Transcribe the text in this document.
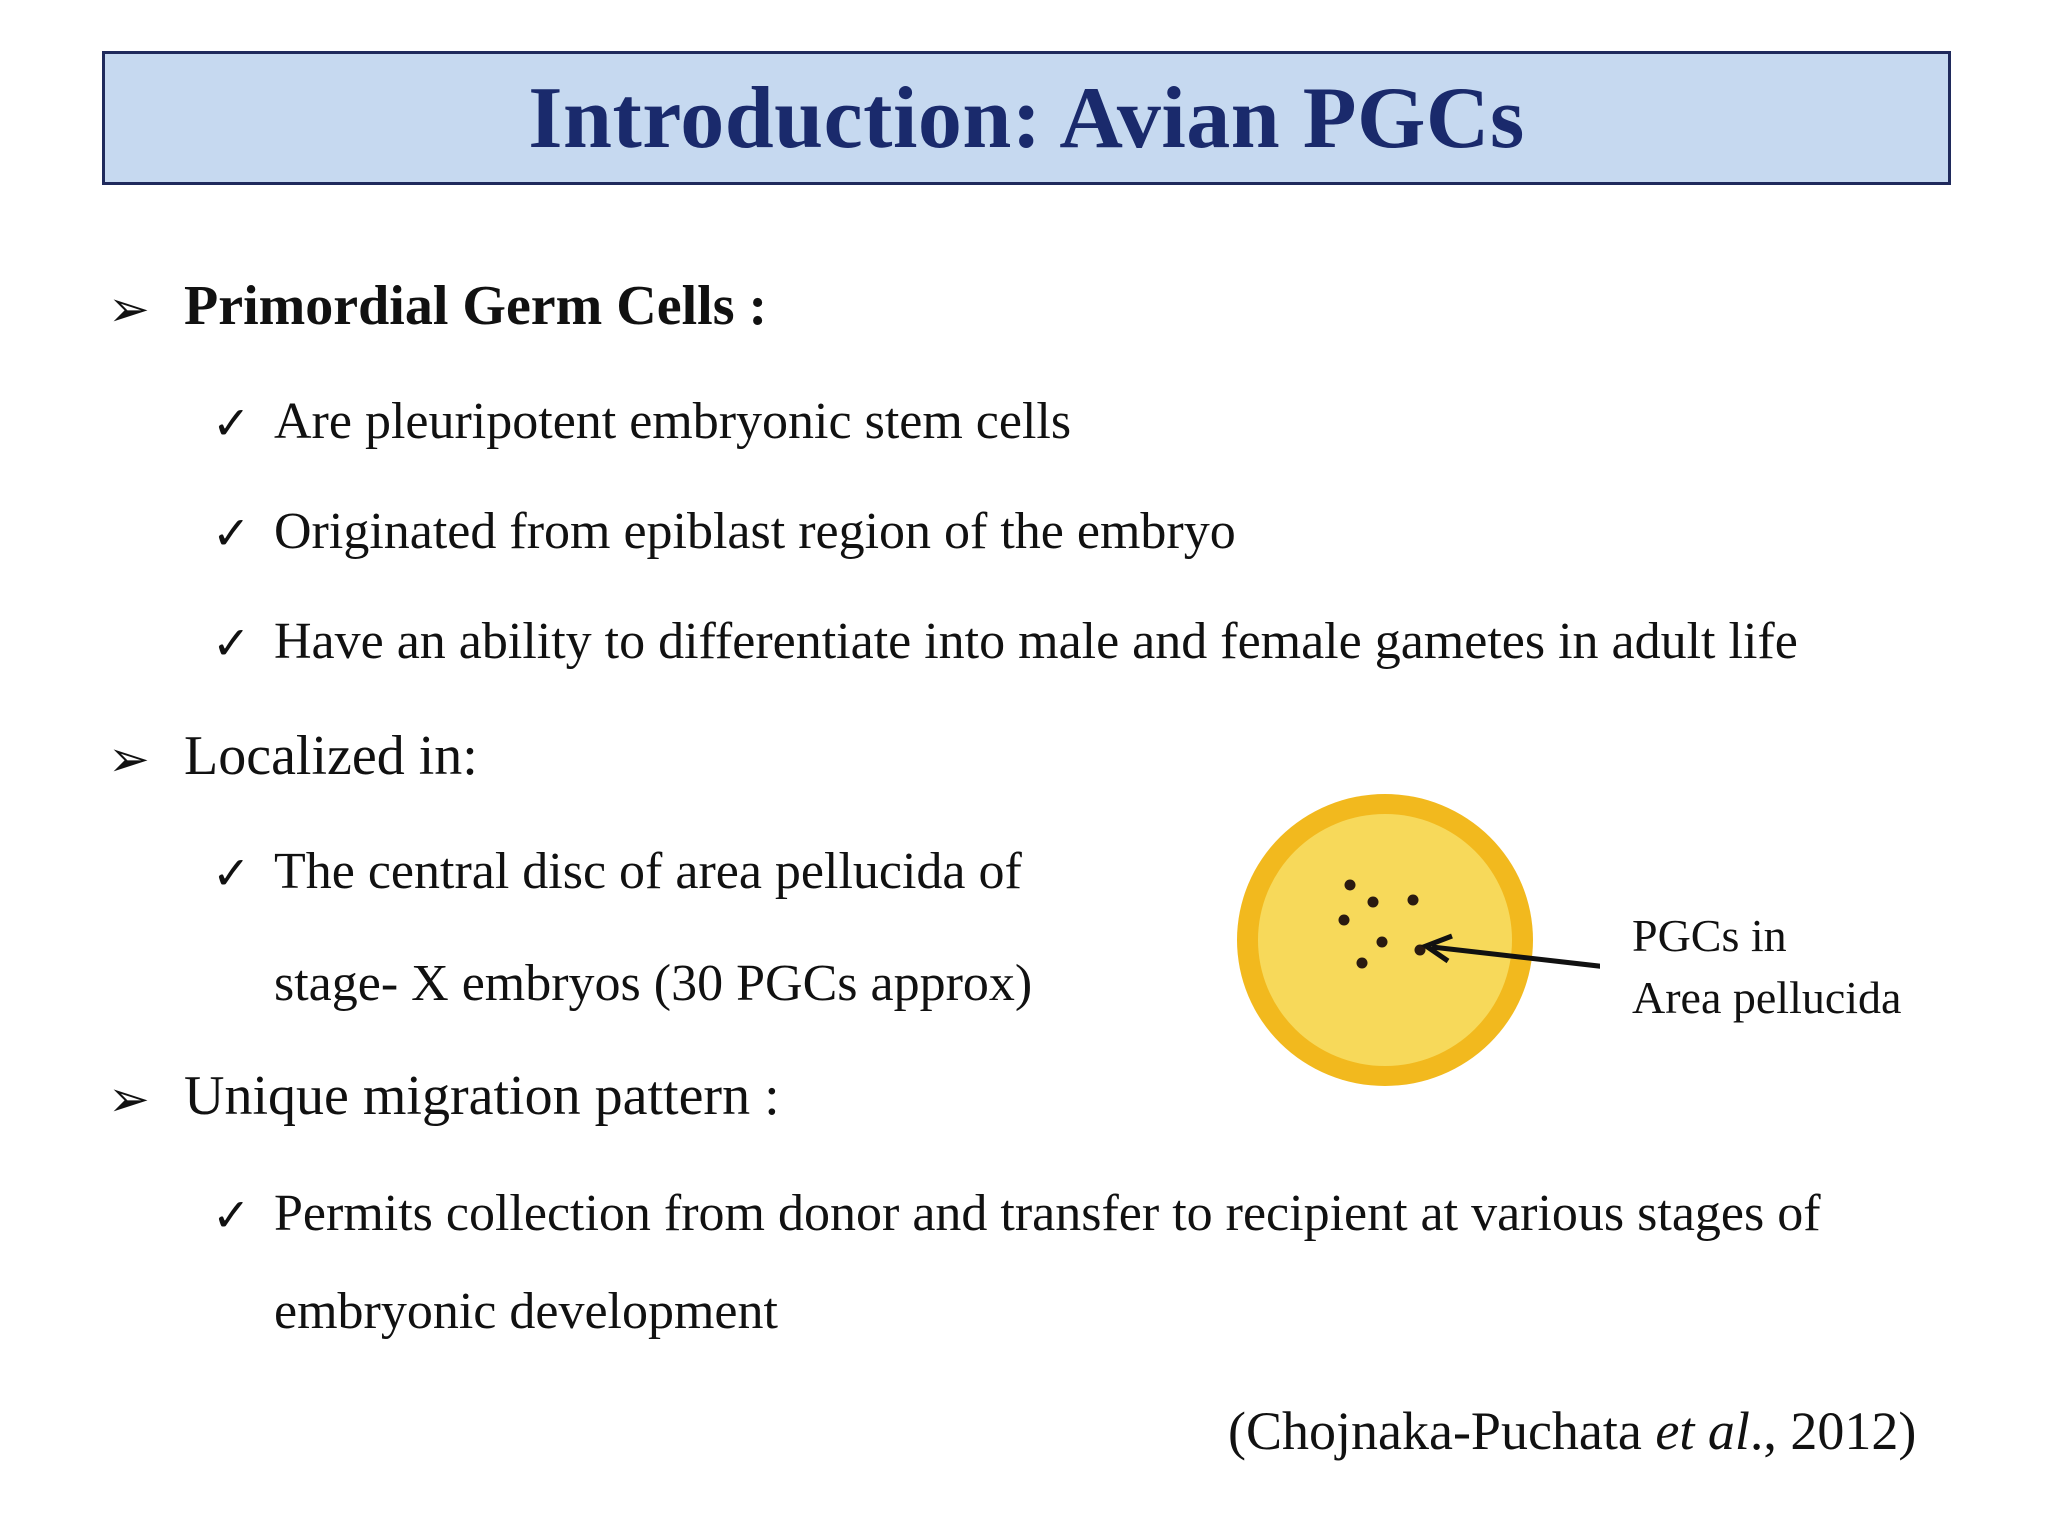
Introduction: Avian PGCs
➢ Primordial Germ Cells :
✓ Are pleuripotent embryonic stem cells
✓ Originated from epiblast region of the embryo
✓ Have an ability to differentiate into male and female gametes in adult life
➢ Localized in:
✓ The central disc of area pellucida of
stage- X embryos (30 PGCs approx)
➢ Unique migration pattern :
✓ Permits collection from donor and transfer to recipient at various stages of
embryonic development
PGCs in
Area pellucida
(Chojnaka-Puchata et al., 2012)
